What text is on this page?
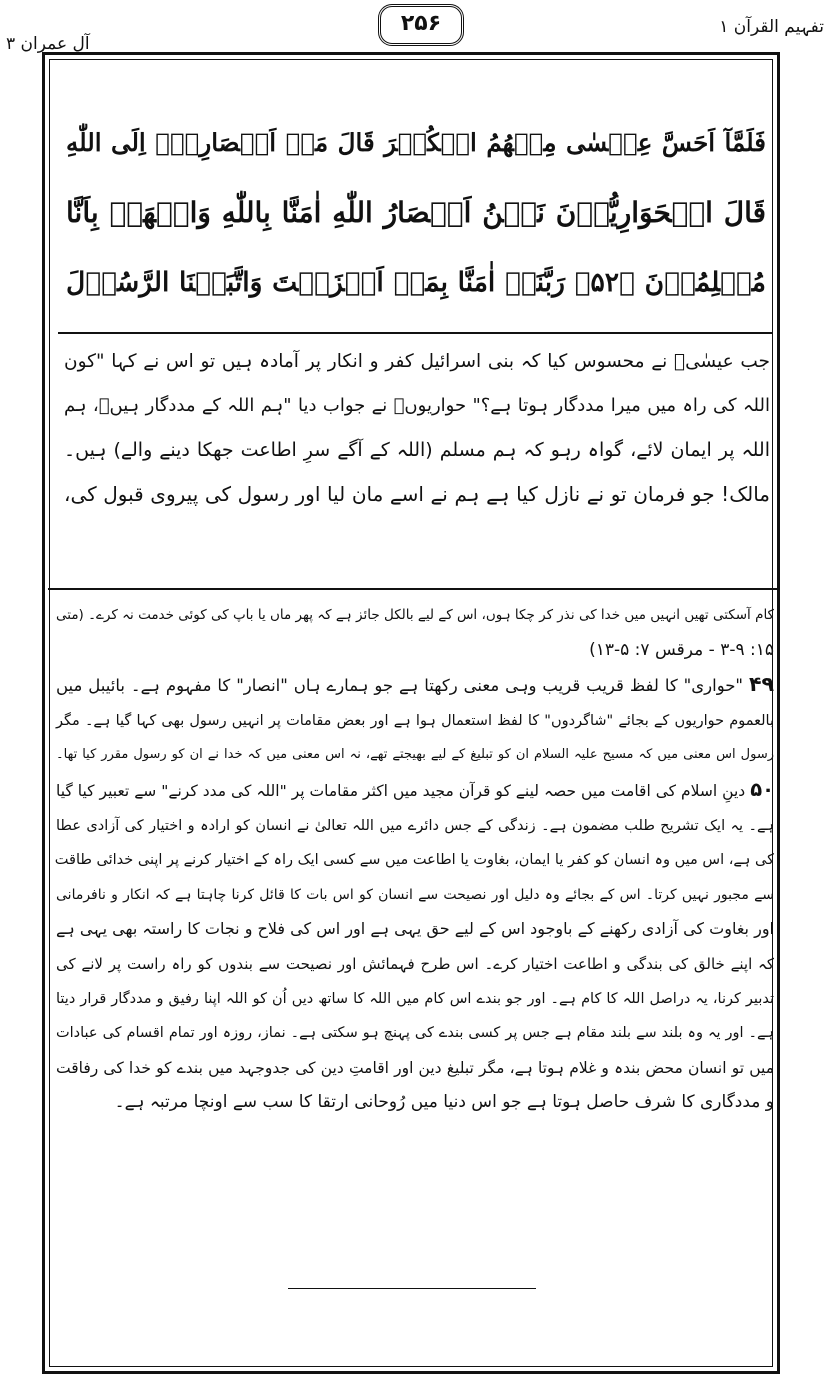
تفہیم القرآن ۱
۲۵۶
آل عمران ۳
فَلَمَّآ اَحَسَّ عِیۡسٰی مِنۡهُمُ الۡكُفۡرَ قَالَ مَنۡ اَنۡصَارِیۡۤ اِلَى اللّٰهِ
قَالَ الۡحَوَارِيُّوۡنَ نَحۡنُ اَنۡصَارُ اللّٰهِ اٰمَنَّا بِاللّٰهِ وَاشۡهَدۡ بِاَنَّا
مُسۡلِمُوۡنَ ﴿۵۲﴾ رَبَّنَاۤ اٰمَنَّا بِمَاۤ اَنۡزَلۡتَ وَاتَّبَعۡنَا الرَّسُوۡلَ
جب عیسٰیؑ نے محسوس کیا کہ بنی اسرائیل کفر و انکار پر آمادہ ہیں تو اس نے کہا "کون
اللہ کی راہ میں میرا مددگار ہوتا ہے؟" حواریوںؓ نے جواب دیا "ہم اللہ کے مددگار ہیںؓ، ہم
اللہ پر ایمان لائے، گواہ رہو کہ ہم مسلم (اللہ کے آگے سرِ اطاعت جھکا دینے والے) ہیں۔
مالک! جو فرمان تو نے نازل کیا ہے ہم نے اسے مان لیا اور رسول کی پیروی قبول کی،
کام آسکتی تھیں انہیں میں خدا کی نذر کر چکا ہوں، اس کے لیے بالکل جائز ہے کہ پھر ماں یا باپ کی کوئی خدمت نہ کرے۔ (متی
۱۵: ۳-۹ - مرقس ۷: ۵-۱۳)
۴۹ "حواری" کا لفظ قریب قریب وہی معنی رکھتا ہے جو ہمارے ہاں "انصار" کا مفہوم ہے۔ بائیبل میں
بالعموم حواریوں کے بجائے "شاگردوں" کا لفظ استعمال ہوا ہے اور بعض مقامات پر انہیں رسول بھی کہا گیا ہے۔ مگر
رسول اس معنی میں کہ مسیح علیہ السلام ان کو تبلیغ کے لیے بھیجتے تھے، نہ اس معنی میں کہ خدا نے ان کو رسول مقرر کیا تھا۔
۵۰ دینِ اسلام کی اقامت میں حصہ لینے کو قرآن مجید میں اکثر مقامات پر "اللہ کی مدد کرنے" سے تعبیر کیا گیا
ہے۔ یہ ایک تشریح طلب مضمون ہے۔ زندگی کے جس دائرے میں اللہ تعالیٰ نے انسان کو ارادہ و اختیار کی آزادی عطا
کی ہے، اس میں وہ انسان کو کفر یا ایمان، بغاوت یا اطاعت میں سے کسی ایک راہ کے اختیار کرنے پر اپنی خدائی طاقت
سے مجبور نہیں کرتا۔ اس کے بجائے وہ دلیل اور نصیحت سے انسان کو اس بات کا قائل کرنا چاہتا ہے کہ انکار و نافرمانی
اور بغاوت کی آزادی رکھنے کے باوجود اس کے لیے حق یہی ہے اور اس کی فلاح و نجات کا راستہ بھی یہی ہے
کہ اپنے خالق کی بندگی و اطاعت اختیار کرے۔ اس طرح فہمائش اور نصیحت سے بندوں کو راہ راست پر لانے کی
تدبیر کرنا، یہ دراصل اللہ کا کام ہے۔ اور جو بندے اس کام میں اللہ کا ساتھ دیں اُن کو اللہ اپنا رفیق و مددگار قرار دیتا
ہے۔ اور یہ وہ بلند سے بلند مقام ہے جس پر کسی بندے کی پہنچ ہو سکتی ہے۔ نماز، روزہ اور تمام اقسام کی عبادات
میں تو انسان محض بندہ و غلام ہوتا ہے، مگر تبلیغ دین اور اقامتِ دین کی جدوجہد میں بندے کو خدا کی رفاقت
و مددگاری کا شرف حاصل ہوتا ہے جو اس دنیا میں رُوحانی ارتقا کا سب سے اونچا مرتبہ ہے۔
